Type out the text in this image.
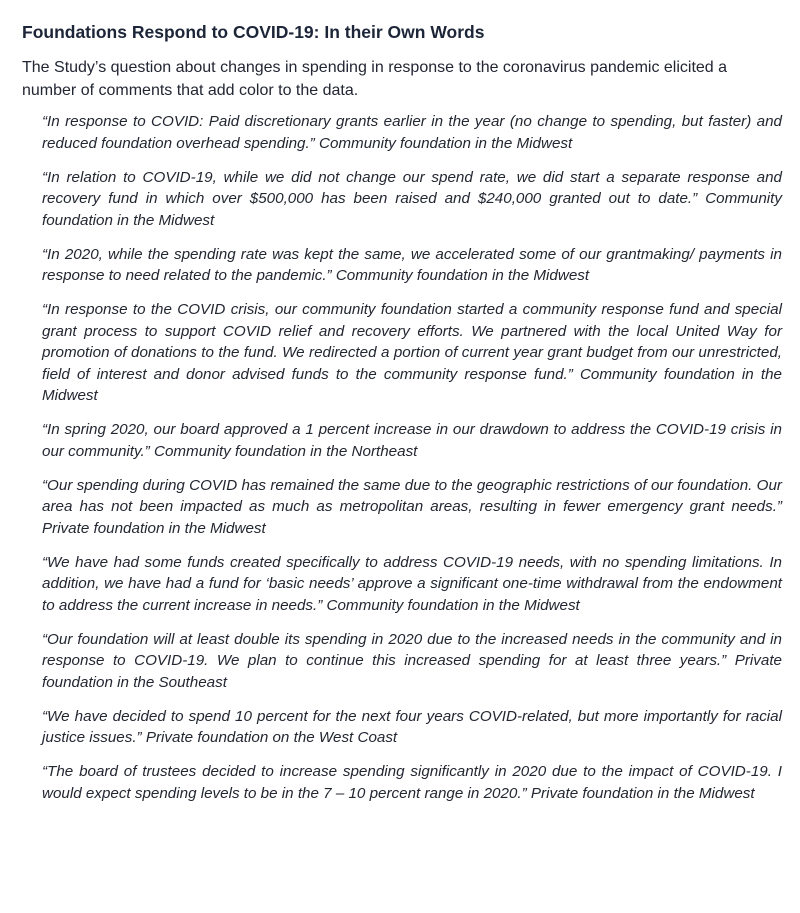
Foundations Respond to COVID-19: In their Own Words

The Study’s question about changes in spending in response to the coronavirus pandemic elicited a number of comments that add color to the data.

“In response to COVID: Paid discretionary grants earlier in the year (no change to spending, but faster) and reduced foundation overhead spending.” Community foundation in the Midwest
“In relation to COVID-19, while we did not change our spend rate, we did start a separate response and recovery fund in which over $500,000 has been raised and $240,000 granted out to date.” Community foundation in the Midwest
“In 2020, while the spending rate was kept the same, we accelerated some of our grantmaking/ payments in response to need related to the pandemic.” Community foundation in the Midwest
“In response to the COVID crisis, our community foundation started a community response fund and special grant process to support COVID relief and recovery efforts. We partnered with the local United Way for promotion of donations to the fund. We redirected a portion of current year grant budget from our unrestricted, field of interest and donor advised funds to the community response fund.” Community foundation in the Midwest
“In spring 2020, our board approved a 1 percent increase in our drawdown to address the COVID-19 crisis in our community.” Community foundation in the Northeast
“Our spending during COVID has remained the same due to the geographic restrictions of our foundation. Our area has not been impacted as much as metropolitan areas, resulting in fewer emergency grant needs.” Private foundation in the Midwest
“We have had some funds created specifically to address COVID-19 needs, with no spending limitations. In addition, we have had a fund for ‘basic needs’ approve a significant one-time withdrawal from the endowment to address the current increase in needs.” Community foundation in the Midwest
“Our foundation will at least double its spending in 2020 due to the increased needs in the community and in response to COVID-19. We plan to continue this increased spending for at least three years.” Private foundation in the Southeast
“We have decided to spend 10 percent for the next four years COVID-related, but more importantly for racial justice issues.” Private foundation on the West Coast
“The board of trustees decided to increase spending significantly in 2020 due to the impact of COVID-19. I would expect spending levels to be in the 7 – 10 percent range in 2020.” Private foundation in the Midwest
